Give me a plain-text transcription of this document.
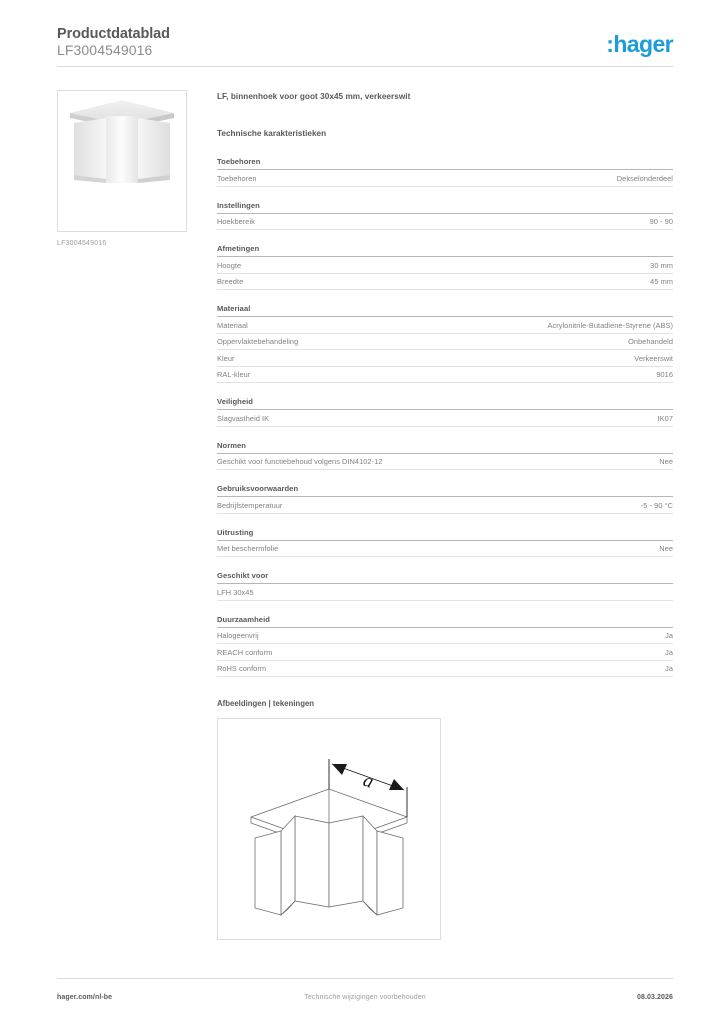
Productdatablad
LF3004549016	:hager
LF3004549016
LF, binnenhoek voor goot 30x45 mm, verkeerswit
Technische karakteristieken
Toebehoren
Toebehoren	Dekselonderdeel
Instellingen
Hoekbereik	90 - 90
Afmetingen
Hoogte	30 mm
Breedte	45 mm
Materiaal
Materiaal	Acrylonitrile-Butadiene-Styrene (ABS)
Oppervlaktebehandeling	Onbehandeld
Kleur	Verkeerswit
RAL-kleur	9016
Veiligheid
Slagvastheid IK	IK07
Normen
Geschikt voor functiebehoud volgens DIN4102-12	Nee
Gebruiksvoorwaarden
Bedrijfstemperatuur	-5 - 90 °C
Uitrusting
Met beschermfolie	Nee
Geschikt voor
LFH 30x45
Duurzaamheid
Halogeenvrij	Ja
REACH conform	Ja
RoHS conform	Ja
Afbeeldingen | tekeningen
a
hager.com/nl-be	Technische wijzigingen voorbehouden	08.03.2026
